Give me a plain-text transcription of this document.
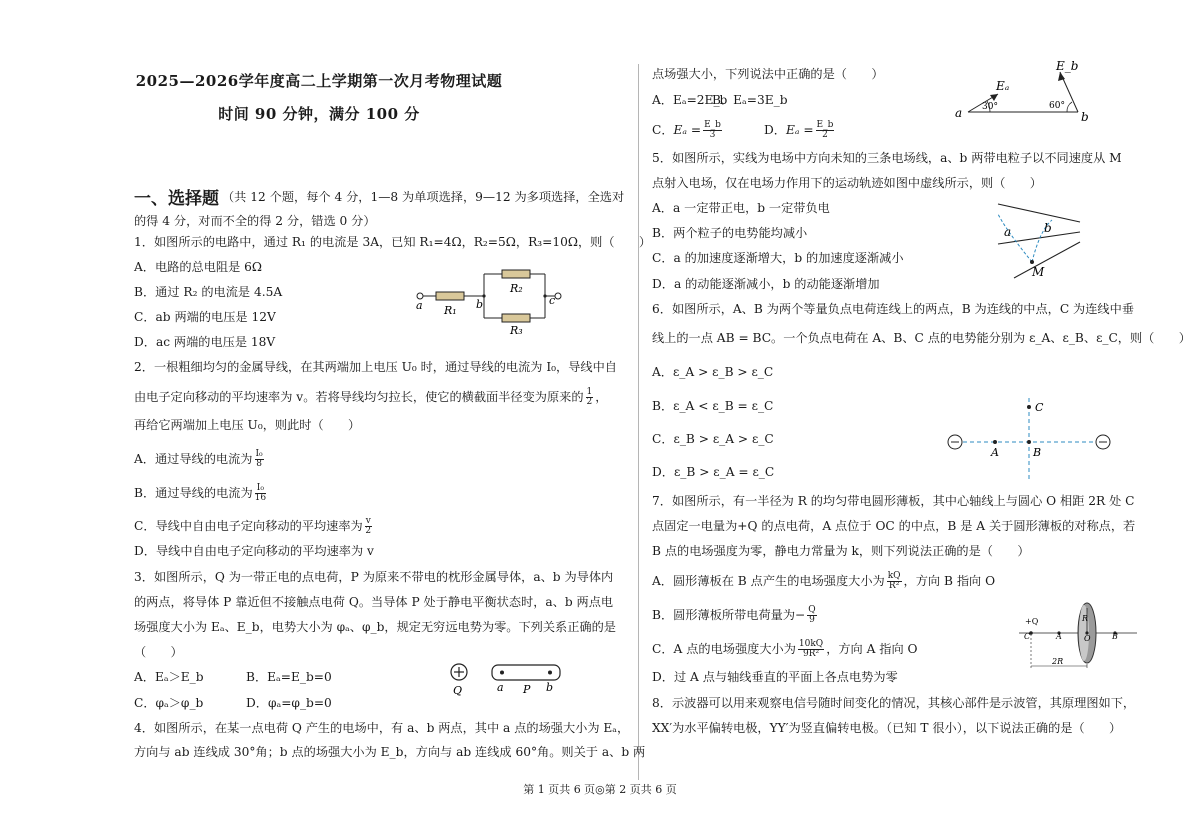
2025—2026学年度高二上学期第一次月考物理试题
时间 90 分钟，满分 100 分
一、选择题 （共 12 个题，每个 4 分，1—8 为单项选择，9—12 为多项选择，全选对
的得 4 分，对而不全的得 2 分，错选 0 分）
1．如图所示的电路中，通过 R₁ 的电流是 3A，已知 R₁=4Ω，R₂=5Ω，R₃=10Ω，则（　　）
A．电路的总电阻是 6Ω
B．通过 R₂ 的电流是 4.5A
C．ab 两端的电压是 12V
D．ac 两端的电压是 18V
a	b	c
R₁
R₂
R₃
2．一根粗细均匀的金属导线，在其两端加上电压 U₀ 时，通过导线的电流为 I₀，导线中自
由电子定向移动的平均速率为 v。若将导线均匀拉长，使它的横截面半径变为原来的 $\frac{1}{2}$ ，
再给它两端加上电压 U₀，则此时（　　）
A．通过导线的电流为 $\frac{\text{I₀}}{8}$
B．通过导线的电流为 $\frac{\text{I₀}}{16}$
C．导线中自由电子定向移动的平均速率为 $\frac{v}{2}$
D．导线中自由电子定向移动的平均速率为 v
3．如图所示，Q 为一带正电的点电荷，P 为原来不带电的枕形金属导体，a、b 为导体内
的两点，将导体 P 靠近但不接触点电荷 Q。当导体 P 处于静电平衡状态时，a、b 两点电
场强度大小为 Eₐ、E_b，电势大小为 φₐ、φ_b，规定无穷远电势为零。下列关系正确的是
（　　）
A．Eₐ＞E_b	B．Eₐ=E_b=0
C．φₐ＞φ_b	D．φₐ=φ_b=0
Q	a P b
4．如图所示，在某一点电荷 Q 产生的电场中，有 a、b 两点，其中 a 点的场强大小为 Eₐ，
方向与 ab 连线成 30°角；b 点的场强大小为 E_b，方向与 ab 连线成 60°角。则关于 a、b 两
点场强大小，下列说法中正确的是（　　）
A．Eₐ=2E_b
B．Eₐ=3E_b
C．$E_a = \frac{E\_b}{3}$	D．$E_a = \frac{E\_b}{2}$
a	b
Eₐ
E_b
30°	60°
5．如图所示，实线为电场中方向未知的三条电场线，a、b 两带电粒子以不同速度从 M
点射入电场，仅在电场力作用下的运动轨迹如图中虚线所示，则（　　）
A．a 一定带正电，b 一定带负电
B．两个粒子的电势能均减小
C．a 的加速度逐渐增大，b 的加速度逐渐减小
D．a 的动能逐渐减小，b 的动能逐渐增加
a	b
M
6．如图所示，A、B 为两个等量负点电荷连线上的两点，B 为连线的中点，C 为连线中垂
线上的一点 AB = BC。一个负点电荷在 A、B、C 点的电势能分别为 ε_A、ε_B、ε_C，则（　　）
A．ε_A > ε_B > ε_C
B．ε_A < ε_B = ε_C
C．ε_B > ε_A > ε_C
D．ε_B > ε_A = ε_C
A	B
C
7．如图所示，有一半径为 R 的均匀带电圆形薄板，其中心轴线上与圆心 O 相距 2R 处 C
点固定一电量为+Q 的点电荷，A 点位于 OC 的中点，B 是 A 关于圆形薄板的对称点，若
B 点的电场强度为零，静电力常量为 k，则下列说法正确的是（　　）
A．圆形薄板在 B 点产生的电场强度大小为 $\frac{kQ}{\text{R²}}$ ，方向 B 指向 O
B．圆形薄板所带电荷量为− $\frac{Q}{9}$
C．A 点的电场强度大小为 $\frac{10kQ}{\text{9R²}}$ ，方向 A 指向 O
D．过 A 点与轴线垂直的平面上各点电势为零
+Q
C	A
R
O	B
2R
8．示波器可以用来观察电信号随时间变化的情况，其核心部件是示波管，其原理图如下，
XX′为水平偏转电极，YY′为竖直偏转电极。（已知 T 很小），以下说法正确的是（　　）
第 1 页共 6 页◎第 2 页共 6 页
